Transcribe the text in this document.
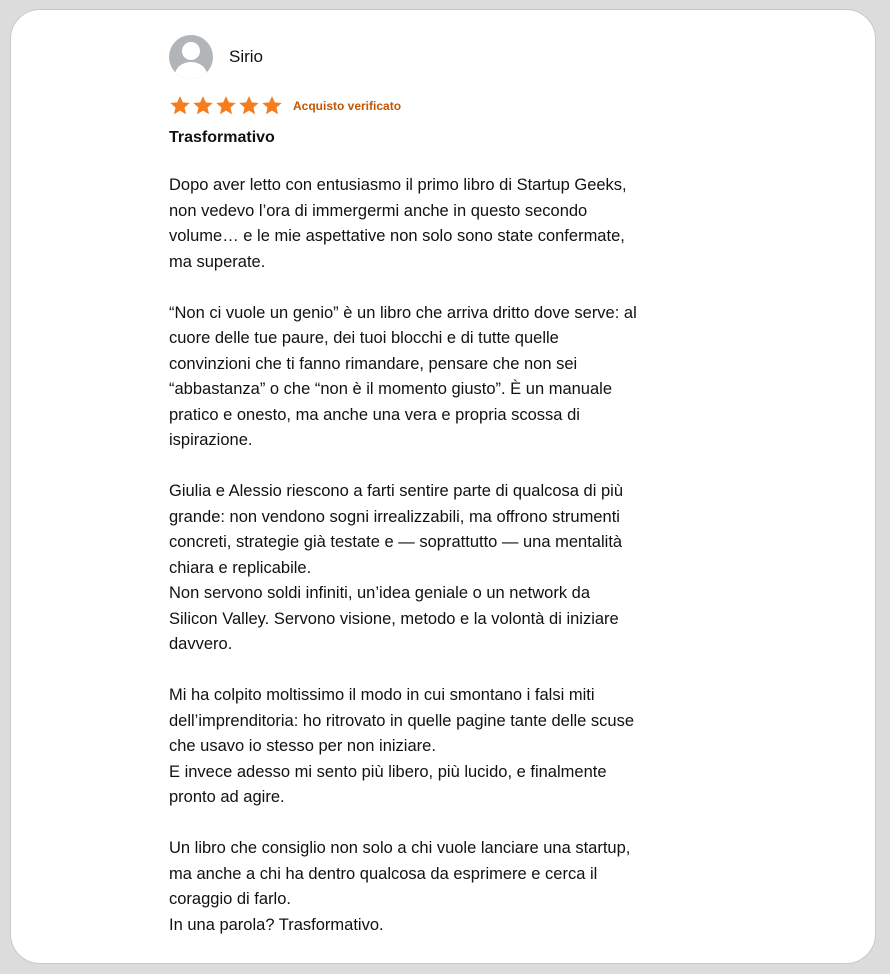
Sirio
Acquisto verificato
Trasformativo

Dopo aver letto con entusiasmo il primo libro di Startup Geeks,
non vedevo l’ora di immergermi anche in questo secondo
volume… e le mie aspettative non solo sono state confermate,
ma superate.

“Non ci vuole un genio” è un libro che arriva dritto dove serve: al
cuore delle tue paure, dei tuoi blocchi e di tutte quelle
convinzioni che ti fanno rimandare, pensare che non sei
“abbastanza” o che “non è il momento giusto”. È un manuale
pratico e onesto, ma anche una vera e propria scossa di
ispirazione.

Giulia e Alessio riescono a farti sentire parte di qualcosa di più
grande: non vendono sogni irrealizzabili, ma offrono strumenti
concreti, strategie già testate e — soprattutto — una mentalità
chiara e replicabile.
Non servono soldi infiniti, un’idea geniale o un network da
Silicon Valley. Servono visione, metodo e la volontà di iniziare
davvero.

Mi ha colpito moltissimo il modo in cui smontano i falsi miti
dell’imprenditoria: ho ritrovato in quelle pagine tante delle scuse
che usavo io stesso per non iniziare.
E invece adesso mi sento più libero, più lucido, e finalmente
pronto ad agire.

Un libro che consiglio non solo a chi vuole lanciare una startup,
ma anche a chi ha dentro qualcosa da esprimere e cerca il
coraggio di farlo.
In una parola? Trasformativo.
